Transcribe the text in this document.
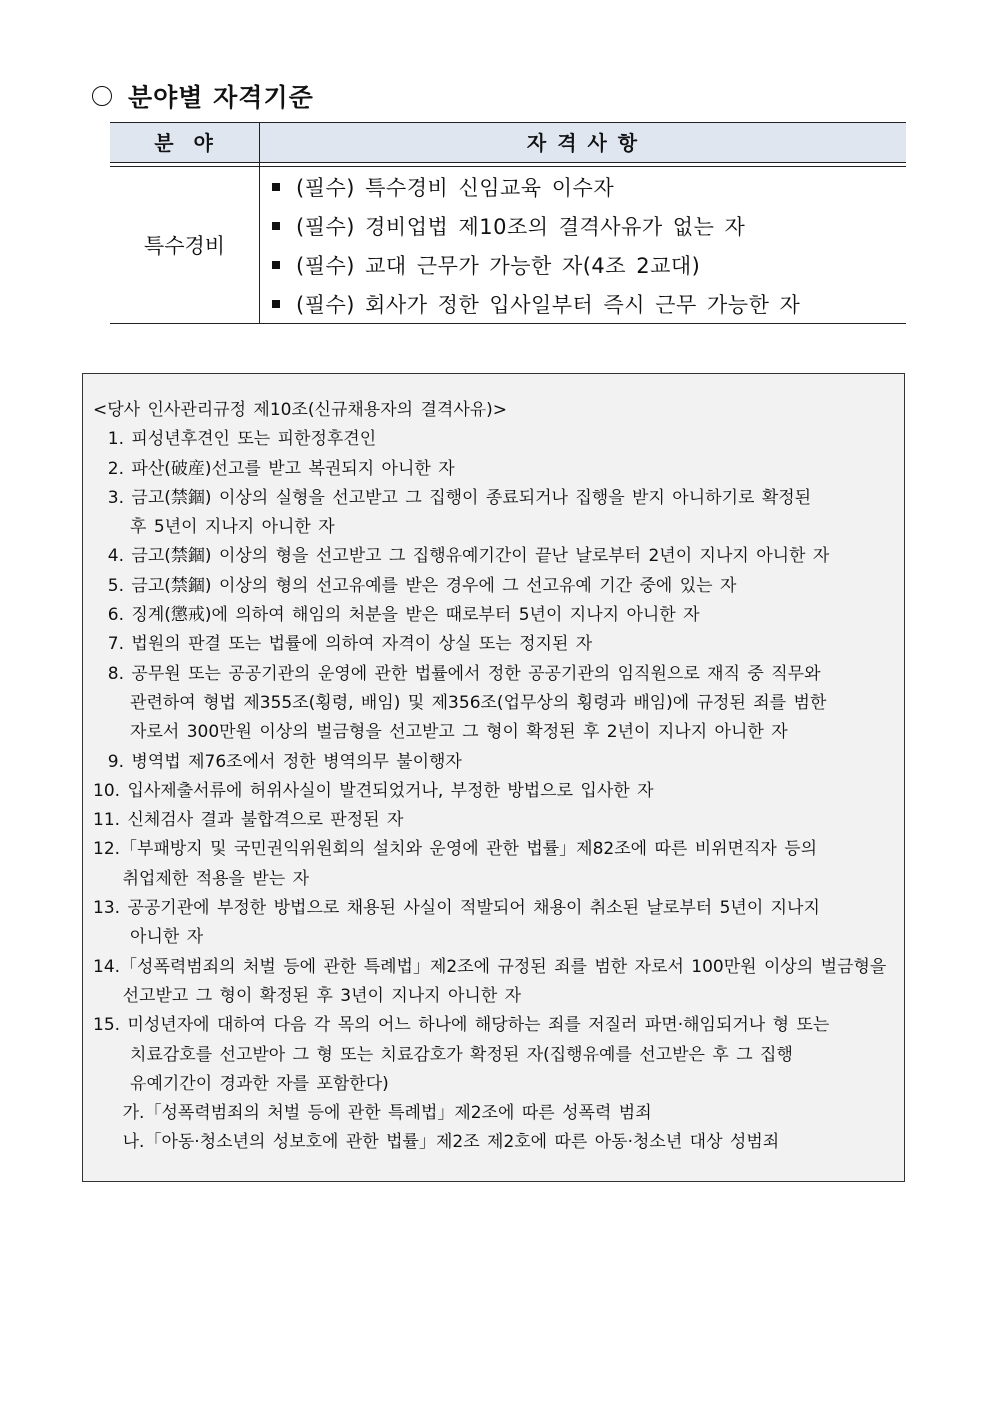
분야별 자격기준
분  야	자 격 사 항
특수경비
(필수) 특수경비 신임교육 이수자
(필수) 경비업법 제10조의 결격사유가 없는 자
(필수) 교대 근무가 가능한 자(4조 2교대)
(필수) 회사가 정한 입사일부터 즉시 근무 가능한 자
<당사 인사관리규정 제10조(신규채용자의 결격사유)>
1. 피성년후견인 또는 피한정후견인
2. 파산(破産)선고를 받고 복권되지 아니한 자
3. 금고(禁錮) 이상의 실형을 선고받고 그 집행이 종료되거나 집행을 받지 아니하기로 확정된
후 5년이 지나지 아니한 자
4. 금고(禁錮) 이상의 형을 선고받고 그 집행유예기간이 끝난 날로부터 2년이 지나지 아니한 자
5. 금고(禁錮) 이상의 형의 선고유예를 받은 경우에 그 선고유예 기간 중에 있는 자
6. 징계(懲戒)에 의하여 해임의 처분을 받은 때로부터 5년이 지나지 아니한 자
7. 법원의 판결 또는 법률에 의하여 자격이 상실 또는 정지된 자
8. 공무원 또는 공공기관의 운영에 관한 법률에서 정한 공공기관의 임직원으로 재직 중 직무와
관련하여 형법 제355조(횡령, 배임) 및 제356조(업무상의 횡령과 배임)에 규정된 죄를 범한
자로서 300만원 이상의 벌금형을 선고받고 그 형이 확정된 후 2년이 지나지 아니한 자
9. 병역법 제76조에서 정한 병역의무 불이행자
10. 입사제출서류에 허위사실이 발견되었거나, 부정한 방법으로 입사한 자
11. 신체검사 결과 불합격으로 판정된 자
12.「부패방지 및 국민권익위원회의 설치와 운영에 관한 법률」제82조에 따른 비위면직자 등의
취업제한 적용을 받는 자
13. 공공기관에 부정한 방법으로 채용된 사실이 적발되어 채용이 취소된 날로부터 5년이 지나지
아니한 자
14.「성폭력범죄의 처벌 등에 관한 특례법」제2조에 규정된 죄를 범한 자로서 100만원 이상의 벌금형을
선고받고 그 형이 확정된 후 3년이 지나지 아니한 자
15. 미성년자에 대하여 다음 각 목의 어느 하나에 해당하는 죄를 저질러 파면·해임되거나 형 또는
치료감호를 선고받아 그 형 또는 치료감호가 확정된 자(집행유예를 선고받은 후 그 집행
유예기간이 경과한 자를 포함한다)
가.「성폭력범죄의 처벌 등에 관한 특례법」제2조에 따른 성폭력 범죄
나.「아동·청소년의 성보호에 관한 법률」제2조 제2호에 따른 아동·청소년 대상 성범죄
